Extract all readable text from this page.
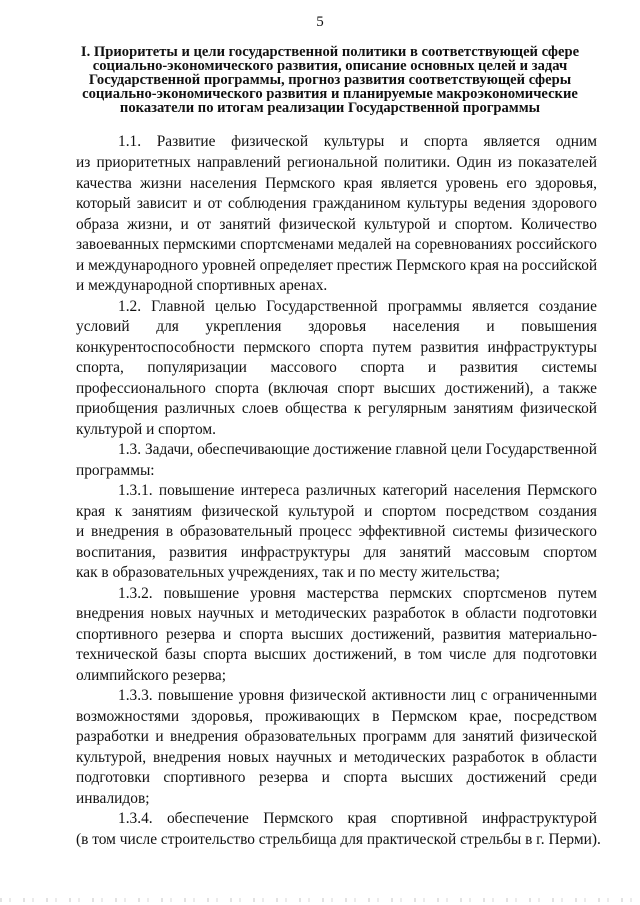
5
I. Приоритеты и цели государственной политики в соответствующей сфере
социально-экономического развития, описание основных целей и задач
Государственной программы, прогноз развития соответствующей сферы
социально-экономического развития и планируемые макроэкономические
показатели по итогам реализации Государственной программы
1.1. Развитие физической культуры и спорта является одним
из приоритетных направлений региональной политики. Один из показателей
качества жизни населения Пермского края является уровень его здоровья,
который зависит и от соблюдения гражданином культуры ведения здорового
образа жизни, и от занятий физической культурой и спортом. Количество
завоеванных пермскими спортсменами медалей на соревнованиях российского
и международного уровней определяет престиж Пермского края на российской
и международной спортивных аренах.
1.2. Главной целью Государственной программы является создание
условий для укрепления здоровья населения и повышения
конкурентоспособности пермского спорта путем развития инфраструктуры
спорта, популяризации массового спорта и развития системы
профессионального спорта (включая спорт высших достижений), а также
приобщения различных слоев общества к регулярным занятиям физической
культурой и спортом.
1.3. Задачи, обеспечивающие достижение главной цели Государственной
программы:
1.3.1. повышение интереса различных категорий населения Пермского
края к занятиям физической культурой и спортом посредством создания
и внедрения в образовательный процесс эффективной системы физического
воспитания, развития инфраструктуры для занятий массовым спортом
как в образовательных учреждениях, так и по месту жительства;
1.3.2. повышение уровня мастерства пермских спортсменов путем
внедрения новых научных и методических разработок в области подготовки
спортивного резерва и спорта высших достижений, развития материально-
технической базы спорта высших достижений, в том числе для подготовки
олимпийского резерва;
1.3.3. повышение уровня физической активности лиц с ограниченными
возможностями здоровья, проживающих в Пермском крае, посредством
разработки и внедрения образовательных программ для занятий физической
культурой, внедрения новых научных и методических разработок в области
подготовки спортивного резерва и спорта высших достижений среди
инвалидов;
1.3.4. обеспечение Пермского края спортивной инфраструктурой
(в том числе строительство стрельбища для практической стрельбы в г. Перми).
